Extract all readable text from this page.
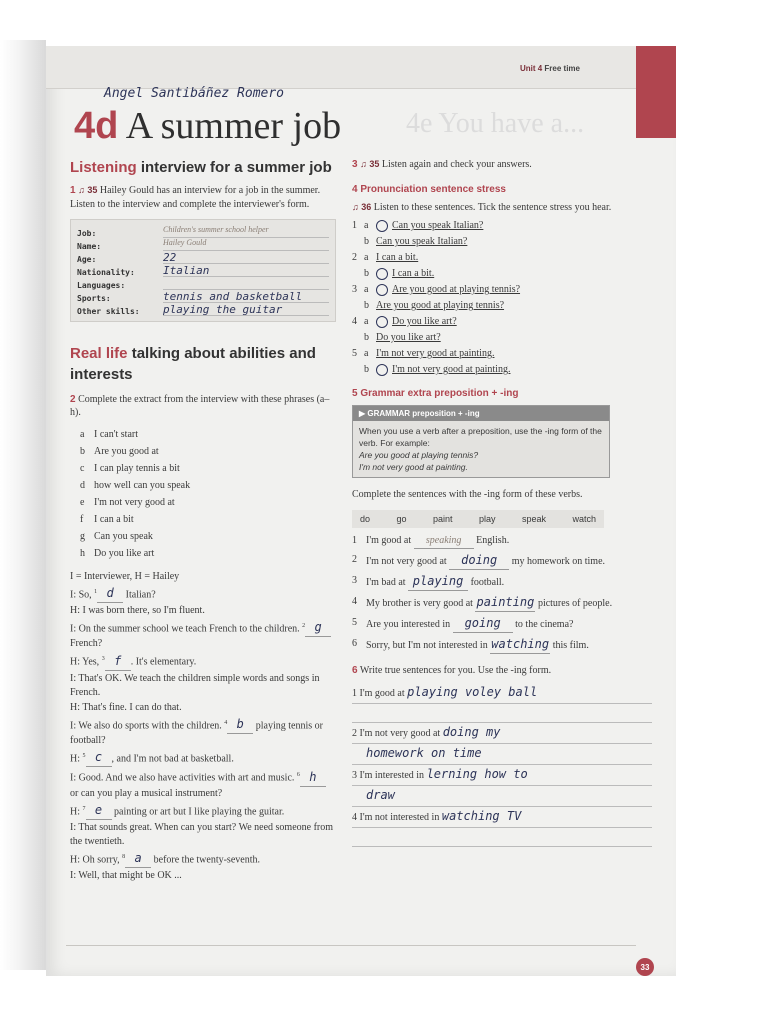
Unit 4 Free time
Angel Santibáñez Romero
4d A summer job 4e You have a...
Listening interview for a summer job
1 ♫ 35 Hailey Gould has an interview for a job in the summer. Listen to the interview and complete the interviewer's form.
Job:	Children's summer school helper
Name:	Hailey Gould
Age:	22
Nationality:	Italian
Languages:
Sports:	tennis and basketball
Other skills:	playing the guitar
Real life talking about abilities and interests
2 Complete the extract from the interview with these phrases (a–h).
a I can't start
b Are you good at
c I can play tennis a bit
d how well can you speak
e I'm not very good at
f I can a bit
g Can you speak
h Do you like art
I = Interviewer, H = Hailey
I: So, $^1$ d Italian?
H: I was born there, so I'm fluent.
I: On the summer school we teach French to the children. $^2$ g French?
H: Yes, $^3$ f . It's elementary.
I: That's OK. We teach the children simple words and songs in French.
H: That's fine. I can do that.
I: We also do sports with the children. $^4$ b playing tennis or football?
H: $^5$ c , and I'm not bad at basketball.
I: Good. And we also have activities with art and music. $^6$ h or can you play a musical instrument?
H: $^7$ e painting or art but I like playing the guitar.
I: That sounds great. When can you start? We need someone from the twentieth.
H: Oh sorry, $^8$ a before the twenty-seventh.
I: Well, that might be OK ...
3 ♫ 35 Listen again and check your answers.
4 Pronunciation sentence stress
♫ 36 Listen to these sentences. Tick the sentence stress you hear.
1 a	Can you speak Italian?
b Can you speak Italian?
2 a I can a bit.
b	I can a bit.
3 a	Are you good at playing tennis?
b Are you good at playing tennis?
4 a	Do you like art?
b Do you like art?
5 a I'm not very good at painting.
b	I'm not very good at painting.
5 Grammar extra preposition + -ing
▶ GRAMMAR preposition + -ing
When you use a verb after a preposition, use the -ing form of the verb. For example:
Are you good at playing tennis?
I'm not very good at painting.
Complete the sentences with the -ing form of these verbs.
do	go	paint	play	speak	watch
1 I'm good at speaking English.
2 I'm not very good at doing my homework on time.
3 I'm bad at playing football.
4 My brother is very good at painting pictures of people.
5 Are you interested in going to the cinema?
6 Sorry, but I'm not interested in watching this film.
6 Write true sentences for you. Use the -ing form.
1 I'm good at playing voley ball
2 I'm not very good at doing my
homework on time
3 I'm interested in lerning how to
draw
4 I'm not interested in watching TV
33
